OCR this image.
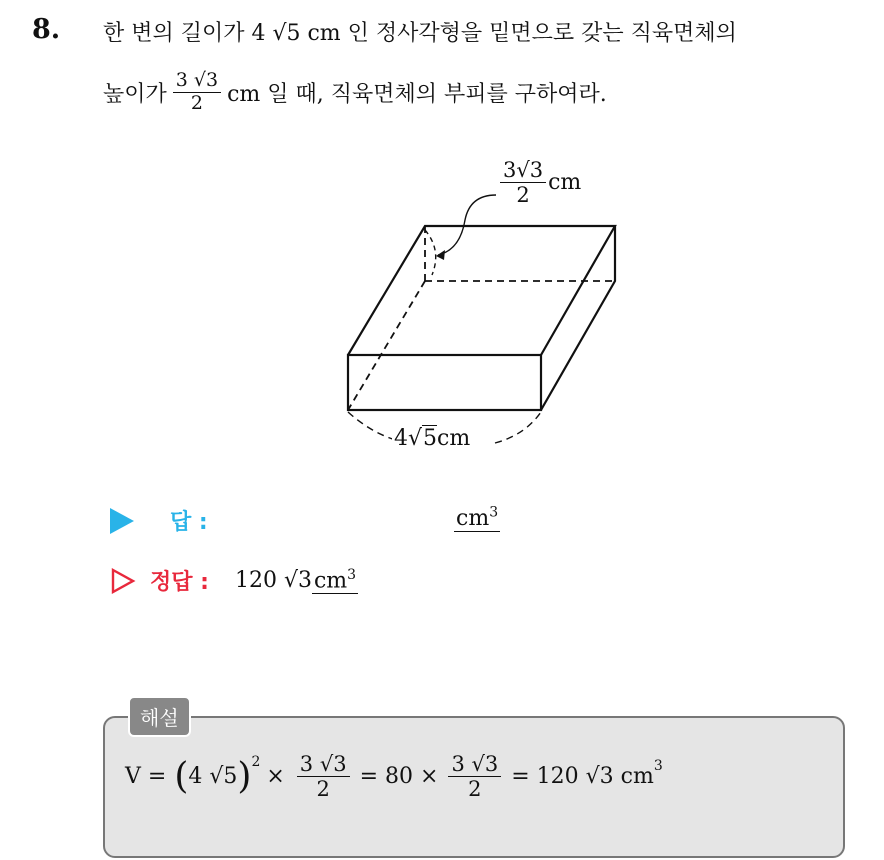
8. 한 변의 길이가 4 √5 cm 인 정사각형을 밑면으로 갖는 직육면체의
높이가 $\frac{3 √3}{2}$ cm 일 때, 직육면체의 부피를 구하여라.
$\frac{3√3}{2}$ cm
4√5cm
답 :	$cm^3$
정답 : 120 √3 $cm^3$
해설
V = ( 4 √5 )$^2$
× $\frac{3 √3}{2} = 80 \times \frac{3 √3}{2} = 120$ √3 $cm^3$
